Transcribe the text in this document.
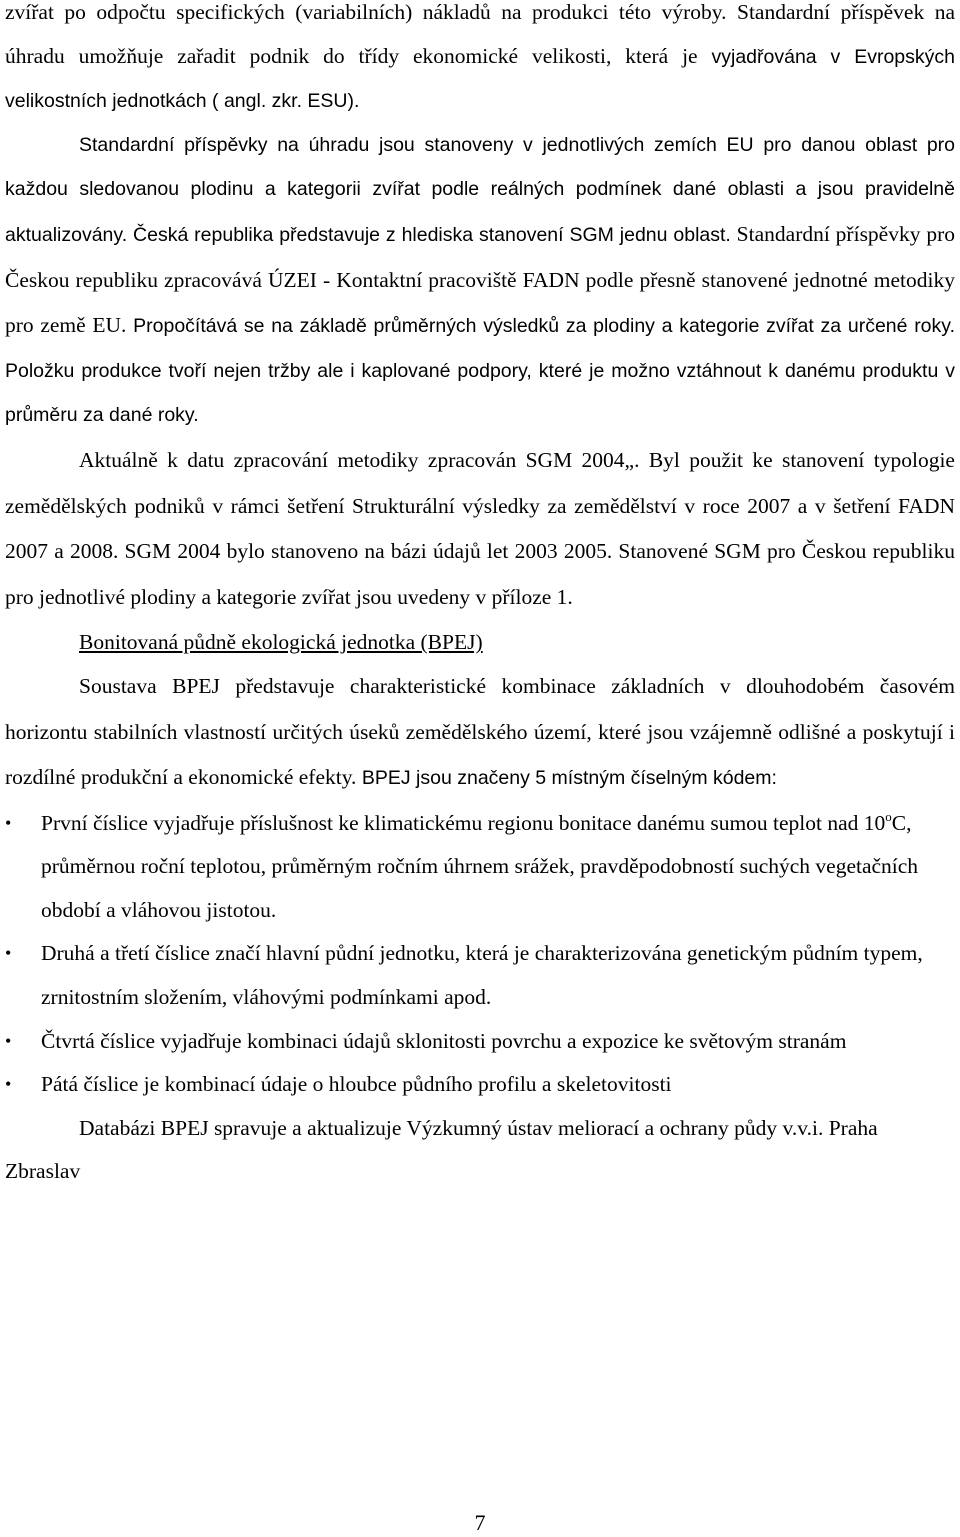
zvířat po odpočtu specifických (variabilních) nákladů na produkci této výroby. Standardní příspěvek na úhradu umožňuje zařadit podnik do třídy ekonomické velikosti, která je vyjadřována v Evropských velikostních jednotkách ( angl. zkr. ESU).

Standardní příspěvky na úhradu jsou stanoveny v jednotlivých zemích EU pro danou oblast pro každou sledovanou plodinu a kategorii zvířat podle reálných podmínek dané oblasti a jsou pravidelně aktualizovány. Česká republika představuje z hlediska stanovení SGM jednu oblast. Standardní příspěvky pro Českou republiku zpracovává ÚZEI - Kontaktní pracoviště FADN podle přesně stanovené jednotné metodiky pro země EU. Propočítává se na základě průměrných výsledků za plodiny a kategorie zvířat za určené roky. Položku produkce tvoří nejen tržby ale i kaplované podpory, které je možno vztáhnout k danému produktu v průměru za dané roky.

Aktuálně k datu zpracování metodiky zpracován SGM 2004„. Byl použit ke stanovení typologie zemědělských podniků v rámci šetření Strukturální výsledky za zemědělství v roce 2007 a v šetření FADN 2007 a 2008. SGM 2004 bylo stanoveno na bázi údajů let 2003 2005. Stanovené SGM pro Českou republiku pro jednotlivé plodiny a kategorie zvířat jsou uvedeny v příloze 1.

Bonitovaná půdně ekologická jednotka (BPEJ)

Soustava BPEJ představuje charakteristické kombinace základních v dlouhodobém časovém horizontu stabilních vlastností určitých úseků zemědělského území, které jsou vzájemně odlišné a poskytují i rozdílné produkční a ekonomické efekty. BPEJ jsou značeny 5 místným číselným kódem:

•	První číslice vyjadřuje příslušnost ke klimatickému regionu bonitace danému sumou teplot nad 10$^o$C, průměrnou roční teplotou, průměrným ročním úhrnem srážek, pravděpodobností suchých vegetačních období a vláhovou jistotou.
•	Druhá a třetí číslice značí hlavní půdní jednotku, která je charakterizována genetickým půdním typem, zrnitostním složením, vláhovými podmínkami apod.
•	Čtvrtá číslice vyjadřuje kombinaci údajů sklonitosti povrchu a expozice ke světovým stranám
•	Pátá číslice je kombinací údaje o hloubce půdního profilu a skeletovitosti

Databázi BPEJ spravuje a aktualizuje Výzkumný ústav meliorací a ochrany půdy v.v.i. Praha Zbraslav

7
